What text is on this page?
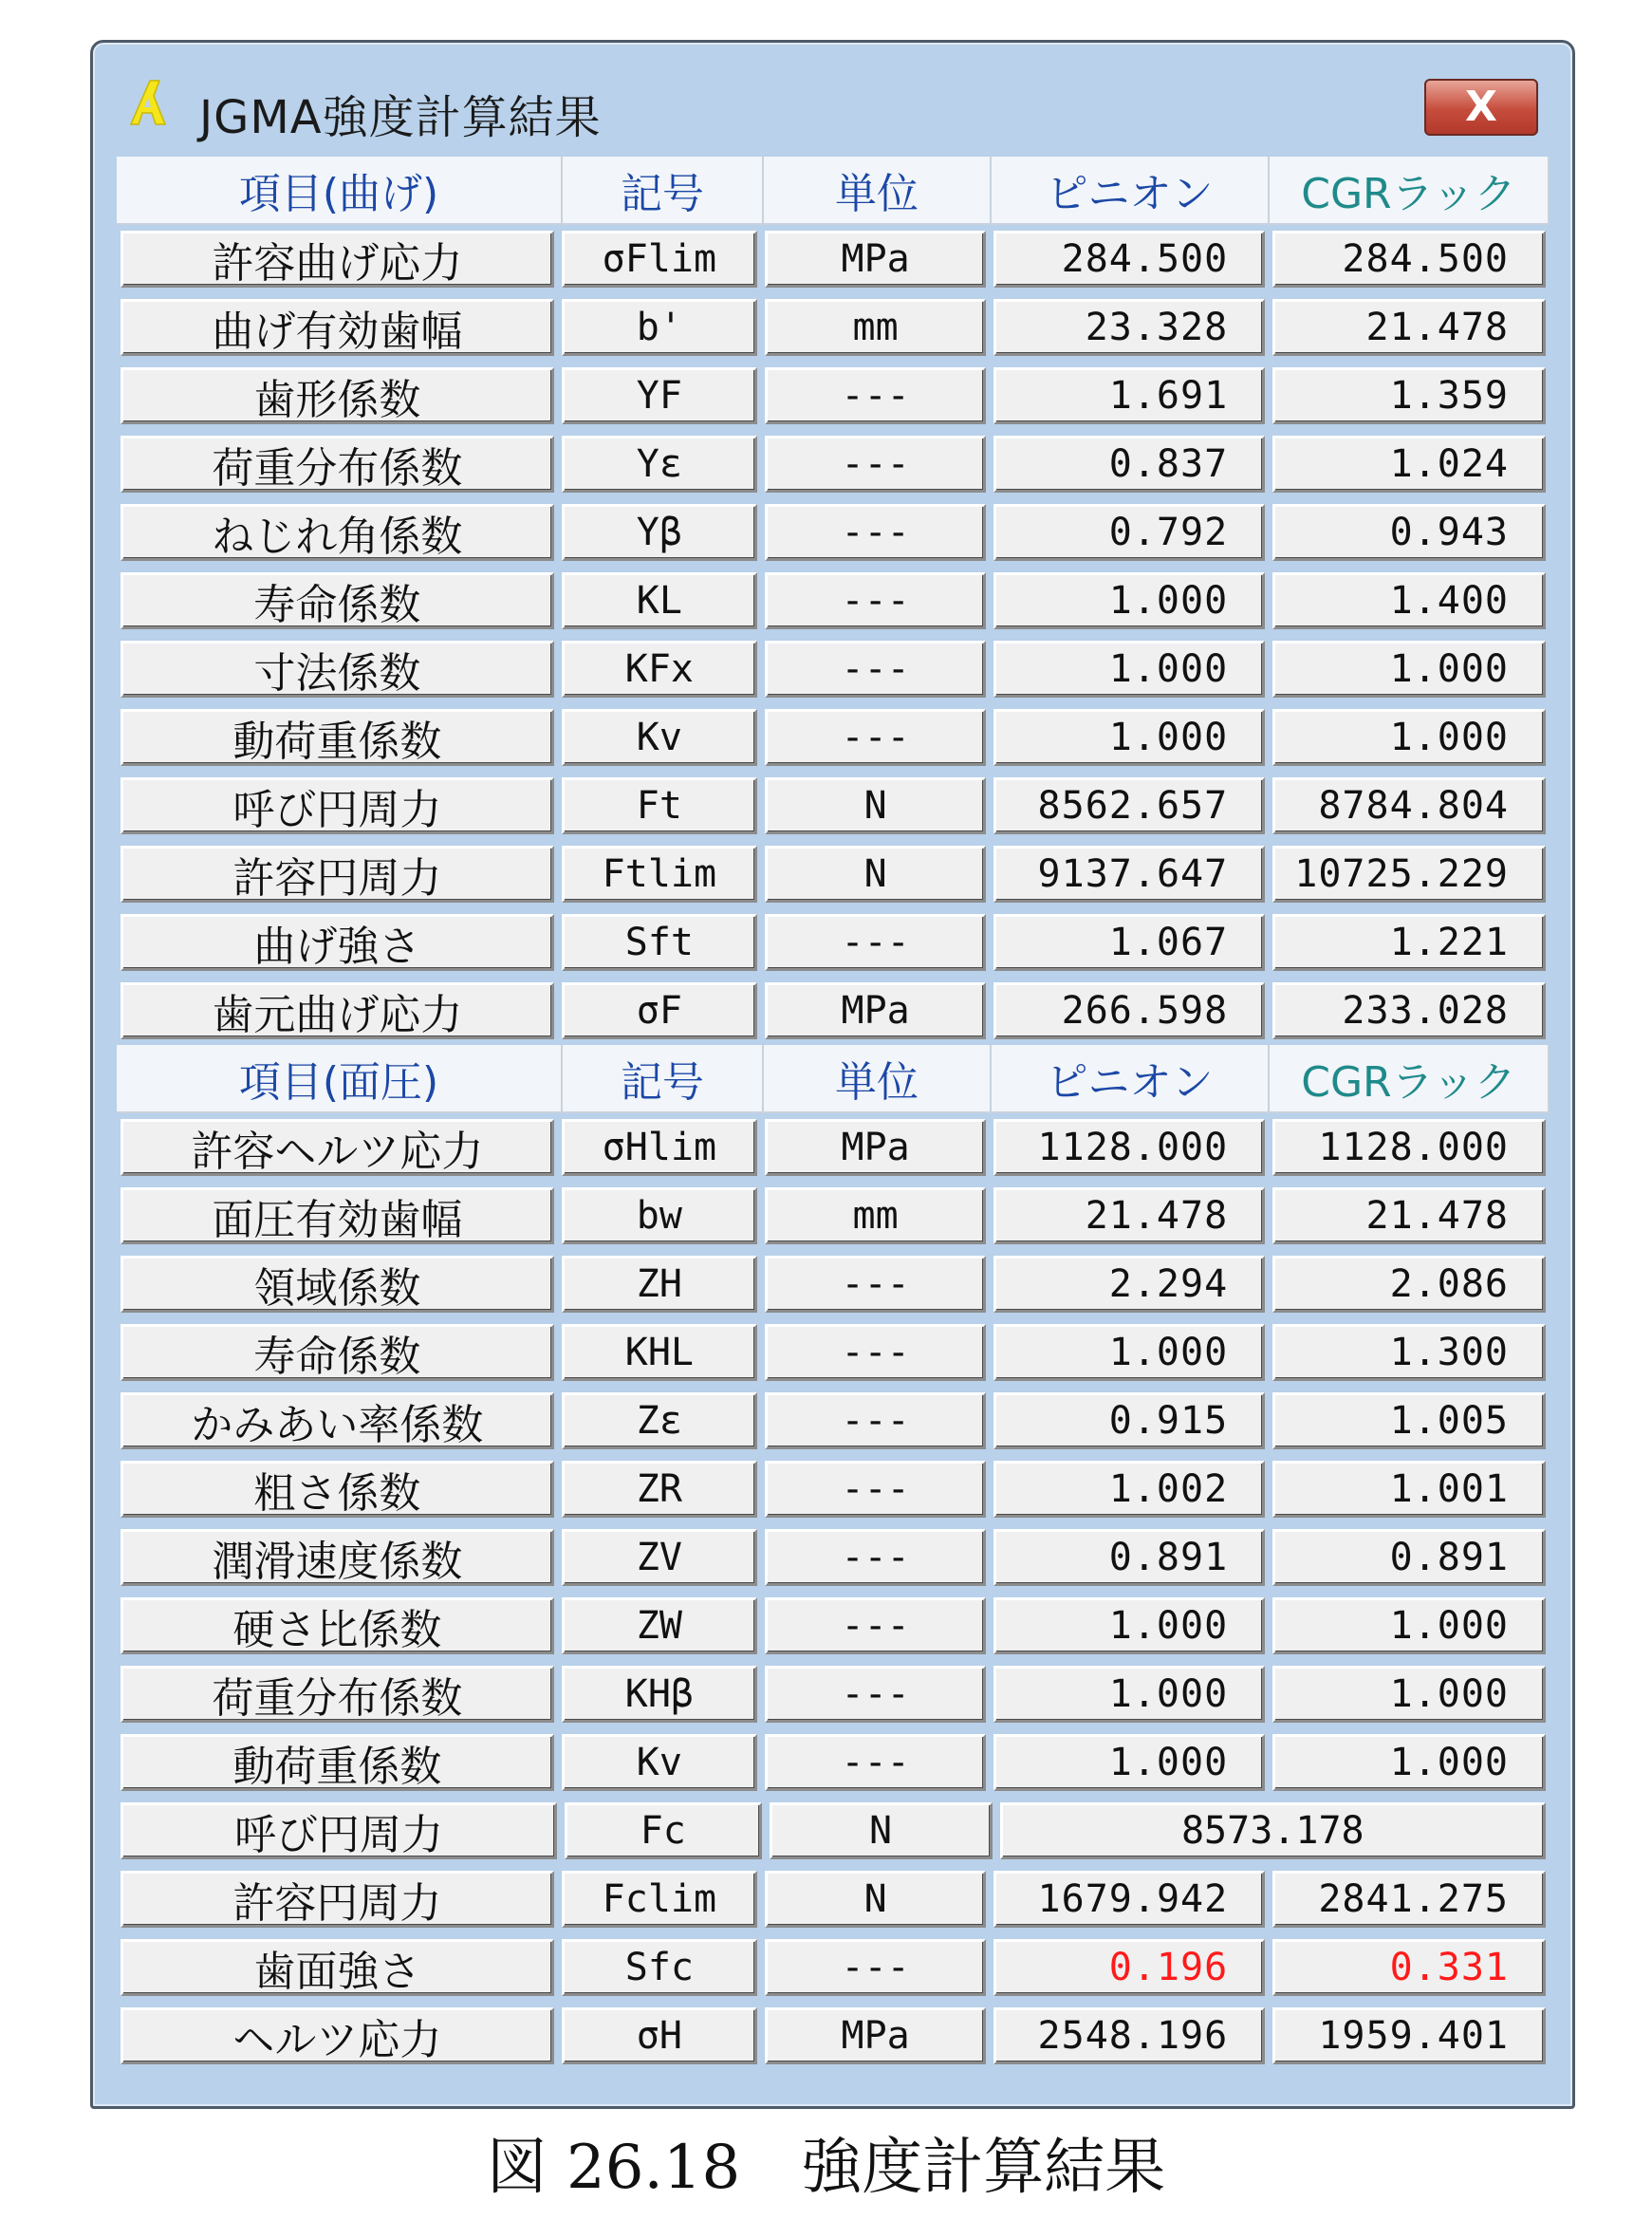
JGMA強度計算結果	X
項目(曲げ)	記号	単位	ピニオン	CGRラック
許容曲げ応力	σFlim	MPa	284.500	284.500
曲げ有効歯幅	b'	mm	23.328	21.478
歯形係数	YF	---	1.691	1.359
荷重分布係数	Yε	---	0.837	1.024
ねじれ角係数	Yβ	---	0.792	0.943
寿命係数	KL	---	1.000	1.400
寸法係数	KFx	---	1.000	1.000
動荷重係数	Kv	---	1.000	1.000
呼び円周力	Ft	N	8562.657	8784.804
許容円周力	Ftlim	N	9137.647	10725.229
曲げ強さ	Sft	---	1.067	1.221
歯元曲げ応力	σF	MPa	266.598	233.028
項目(面圧)	記号	単位	ピニオン	CGRラック
許容ヘルツ応力	σHlim	MPa	1128.000	1128.000
面圧有効歯幅	bw	mm	21.478	21.478
領域係数	ZH	---	2.294	2.086
寿命係数	KHL	---	1.000	1.300
かみあい率係数	Zε	---	0.915	1.005
粗さ係数	ZR	---	1.002	1.001
潤滑速度係数	ZV	---	0.891	0.891
硬さ比係数	ZW	---	1.000	1.000
荷重分布係数	KHβ	---	1.000	1.000
動荷重係数	Kv	---	1.000	1.000
呼び円周力	Fc	N	8573.178
許容円周力	Fclim	N	1679.942	2841.275
歯面強さ	Sfc	---	0.196	0.331
ヘルツ応力	σH	MPa	2548.196	1959.401
図 26.18　強度計算結果
